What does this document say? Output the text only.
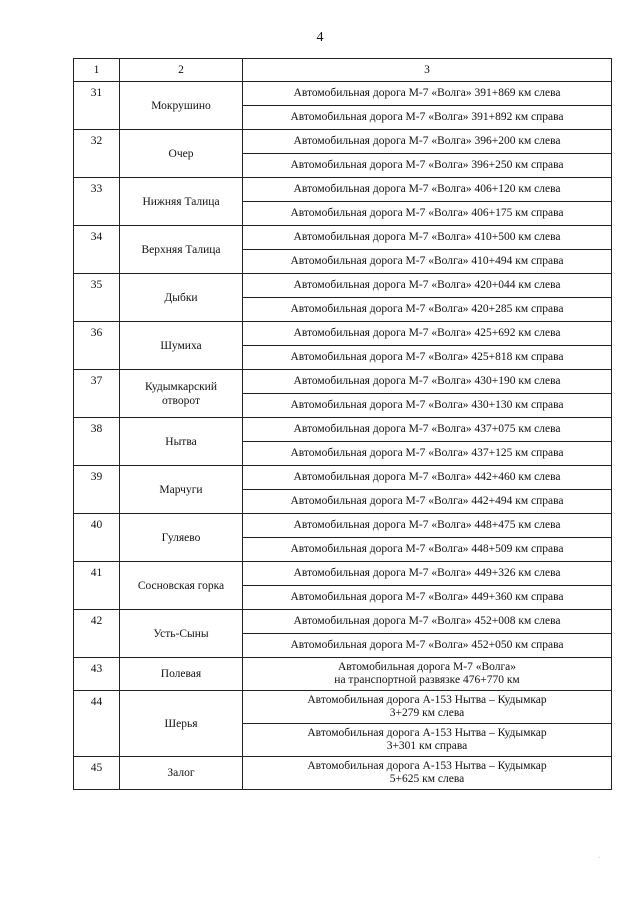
4
1	2	3
31	Мокрушино	Автомобильная дорога М-7 «Волга» 391+869 км слева
		Автомобильная дорога М-7 «Волга» 391+892 км справа
32	Очер	Автомобильная дорога М-7 «Волга» 396+200 км слева
		Автомобильная дорога М-7 «Волга» 396+250 км справа
33	Нижняя Талица	Автомобильная дорога М-7 «Волга» 406+120 км слева
		Автомобильная дорога М-7 «Волга» 406+175 км справа
34	Верхняя Талица	Автомобильная дорога М-7 «Волга» 410+500 км слева
		Автомобильная дорога М-7 «Волга» 410+494 км справа
35	Дыбки	Автомобильная дорога М-7 «Волга» 420+044 км слева
		Автомобильная дорога М-7 «Волга» 420+285 км справа
36	Шумиха	Автомобильная дорога М-7 «Волга» 425+692 км слева
		Автомобильная дорога М-7 «Волга» 425+818 км справа
37	Кудымкарский
отворот	Автомобильная дорога М-7 «Волга» 430+190 км слева
		Автомобильная дорога М-7 «Волга» 430+130 км справа
38	Нытва	Автомобильная дорога М-7 «Волга» 437+075 км слева
		Автомобильная дорога М-7 «Волга» 437+125 км справа
39	Марчуги	Автомобильная дорога М-7 «Волга» 442+460 км слева
		Автомобильная дорога М-7 «Волга» 442+494 км справа
40	Гуляево	Автомобильная дорога М-7 «Волга» 448+475 км слева
		Автомобильная дорога М-7 «Волга» 448+509 км справа
41	Сосновская горка	Автомобильная дорога М-7 «Волга» 449+326 км слева
		Автомобильная дорога М-7 «Волга» 449+360 км справа
42	Усть-Сыны	Автомобильная дорога М-7 «Волга» 452+008 км слева
		Автомобильная дорога М-7 «Волга» 452+050 км справа
43	Полевая	Автомобильная дорога М-7 «Волга»
на транспортной развязке 476+770 км
44	Шерья	Автомобильная дорога А-153 Нытва – Кудымкар
3+279 км слева
		Автомобильная дорога А-153 Нытва – Кудымкар
3+301 км справа
45	Залог	Автомобильная дорога А-153 Нытва – Кудымкар
5+625 км слева
·
